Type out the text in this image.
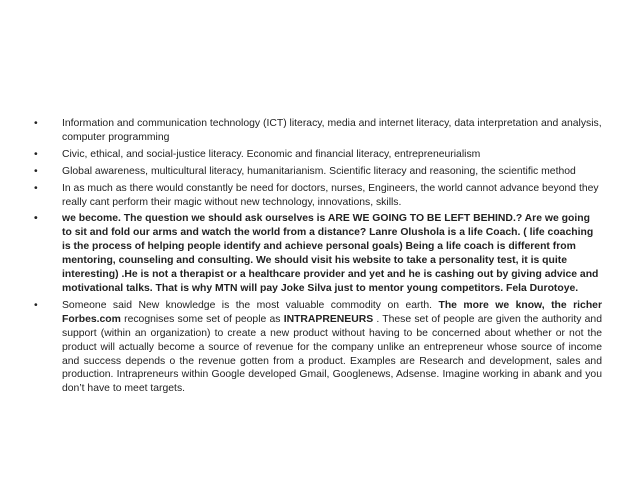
• Information and communication technology (ICT) literacy, media and internet literacy, data interpretation and analysis, computer programming
• Civic, ethical, and social-justice literacy. Economic and financial literacy, entrepreneurialism
• Global awareness, multicultural literacy, humanitarianism. Scientific literacy and reasoning, the scientific method
• In as much as there would constantly be need for doctors, nurses, Engineers, the world cannot advance beyond they really cant perform their magic without new technology, innovations, skills.
• we become. The question we should ask ourselves is ARE WE GOING TO BE LEFT BEHIND.? Are we going to sit and fold our arms and watch the world from a distance? Lanre Olushola is a life Coach. ( life coaching is the process of helping people identify and achieve personal goals) Being a life coach is different from mentoring, counseling and consulting. We should visit his website to take a personality test, it is quite interesting) .He is not a therapist or a healthcare provider and yet and he is cashing out by giving advice and motivational talks. That is why MTN will pay Joke Silva just to mentor young competitors. Fela Durotoye.
• Someone said New knowledge is the most valuable commodity on earth. The more we know, the richer Forbes.com recognises some set of people as INTRAPRENEURS . These set of people are given the authority and support (within an organization) to create a new product without having to be concerned about whether or not the product will actually become a source of revenue for the company unlike an entrepreneur whose source of income and success depends o the revenue gotten from a product. Examples are Research and development, sales and production. Intrapreneurs within Google developed Gmail, Googlenews, Adsense. Imagine working in abank and you don’t have to meet targets.
